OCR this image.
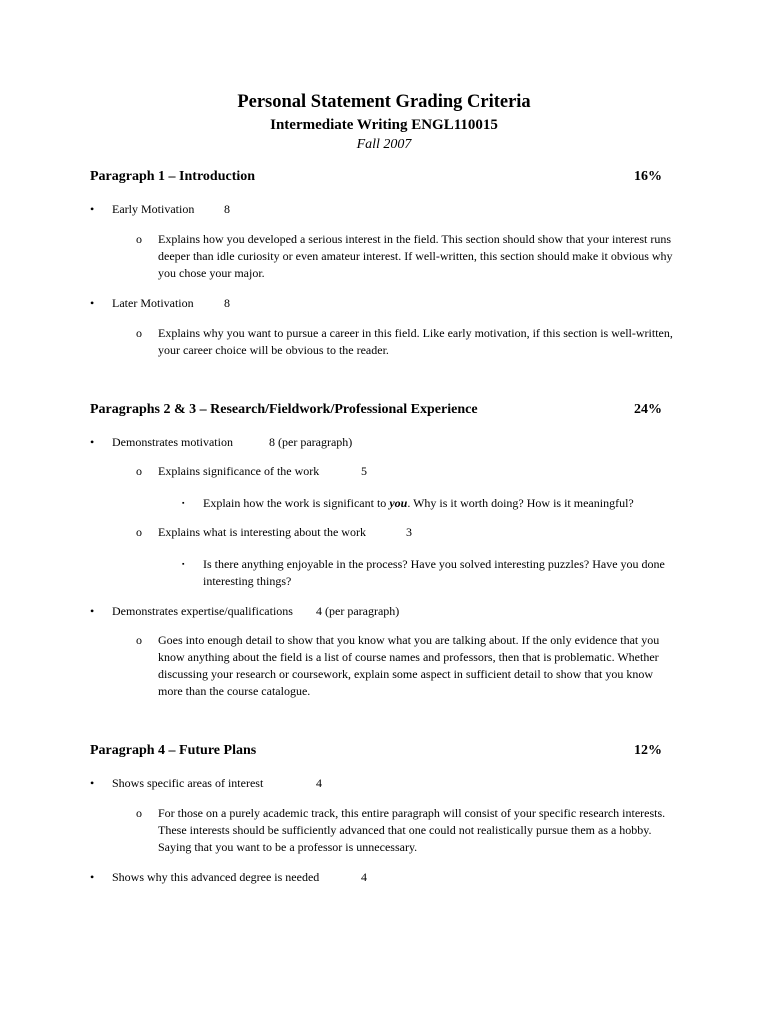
Personal Statement Grading Criteria
Intermediate Writing ENGL110015
Fall 2007
Paragraph 1 – Introduction	16%
• Early Motivation 8
o Explains how you developed a serious interest in the field. This section should show that your interest runs deeper than idle curiosity or even amateur interest. If well-written, this section should make it obvious why you chose your major.
• Later Motivation	8
o Explains why you want to pursue a career in this field. Like early motivation, if this section is well-written, your career choice will be obvious to the reader.
Paragraphs 2 & 3 – Research/Fieldwork/Professional Experience	24%
• Demonstrates motivation	8 (per paragraph)
o Explains significance of the work	5
▪ Explain how the work is significant to you. Why is it worth doing? How is it meaningful?
o Explains what is interesting about the work	3
▪ Is there anything enjoyable in the process? Have you solved interesting puzzles? Have you done interesting things?
• Demonstrates expertise/qualifications 4 (per paragraph)
o Goes into enough detail to show that you know what you are talking about. If the only evidence that you know anything about the field is a list of course names and professors, then that is problematic. Whether discussing your research or coursework, explain some aspect in sufficient detail to show that you know more than the course catalogue.
Paragraph 4 – Future Plans	12%
• Shows specific areas of interest	4
o For those on a purely academic track, this entire paragraph will consist of your specific research interests. These interests should be sufficiently advanced that one could not realistically pursue them as a hobby. Saying that you want to be a professor is unnecessary.
• Shows why this advanced degree is needed	4
